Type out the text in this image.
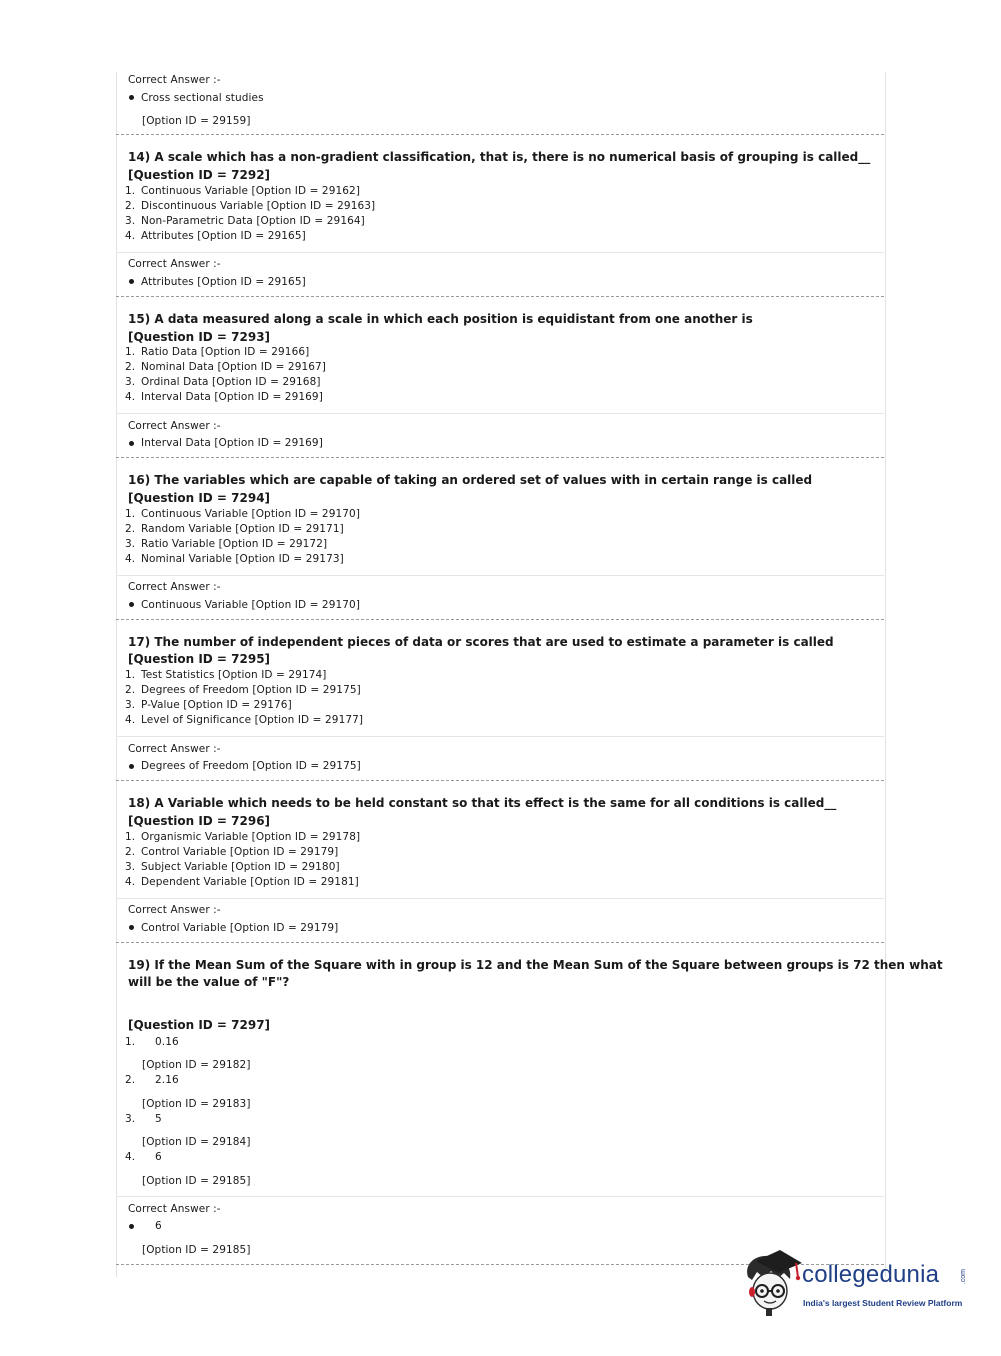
Correct Answer :-
Cross sectional studies
[Option ID = 29159]
14) A scale which has a non-gradient classification, that is, there is no numerical basis of grouping is called__
[Question ID = 7292]
1. Continuous Variable [Option ID = 29162]
2. Discontinuous Variable [Option ID = 29163]
3. Non-Parametric Data [Option ID = 29164]
4. Attributes [Option ID = 29165]
Correct Answer :-
Attributes [Option ID = 29165]
15) A data measured along a scale in which each position is equidistant from one another is
[Question ID = 7293]
1. Ratio Data [Option ID = 29166]
2. Nominal Data [Option ID = 29167]
3. Ordinal Data [Option ID = 29168]
4. Interval Data [Option ID = 29169]
Correct Answer :-
Interval Data [Option ID = 29169]
16) The variables which are capable of taking an ordered set of values with in certain range is called
[Question ID = 7294]
1. Continuous Variable [Option ID = 29170]
2. Random Variable [Option ID = 29171]
3. Ratio Variable [Option ID = 29172]
4. Nominal Variable [Option ID = 29173]
Correct Answer :-
Continuous Variable [Option ID = 29170]
17) The number of independent pieces of data or scores that are used to estimate a parameter is called
[Question ID = 7295]
1. Test Statistics [Option ID = 29174]
2. Degrees of Freedom [Option ID = 29175]
3. P-Value [Option ID = 29176]
4. Level of Significance [Option ID = 29177]
Correct Answer :-
Degrees of Freedom [Option ID = 29175]
18) A Variable which needs to be held constant so that its effect is the same for all conditions is called__
[Question ID = 7296]
1. Organismic Variable [Option ID = 29178]
2. Control Variable [Option ID = 29179]
3. Subject Variable [Option ID = 29180]
4. Dependent Variable [Option ID = 29181]
Correct Answer :-
Control Variable [Option ID = 29179]
19) If the Mean Sum of the Square with in group is 12 and the Mean Sum of the Square between groups is 72 then what
will be the value of "F"?
[Question ID = 7297]
1. 0.16
[Option ID = 29182]
2. 2.16
[Option ID = 29183]
3. 5
[Option ID = 29184]
4. 6
[Option ID = 29185]
Correct Answer :-
6
[Option ID = 29185]
collegedunia	.com
India's largest Student Review Platform
